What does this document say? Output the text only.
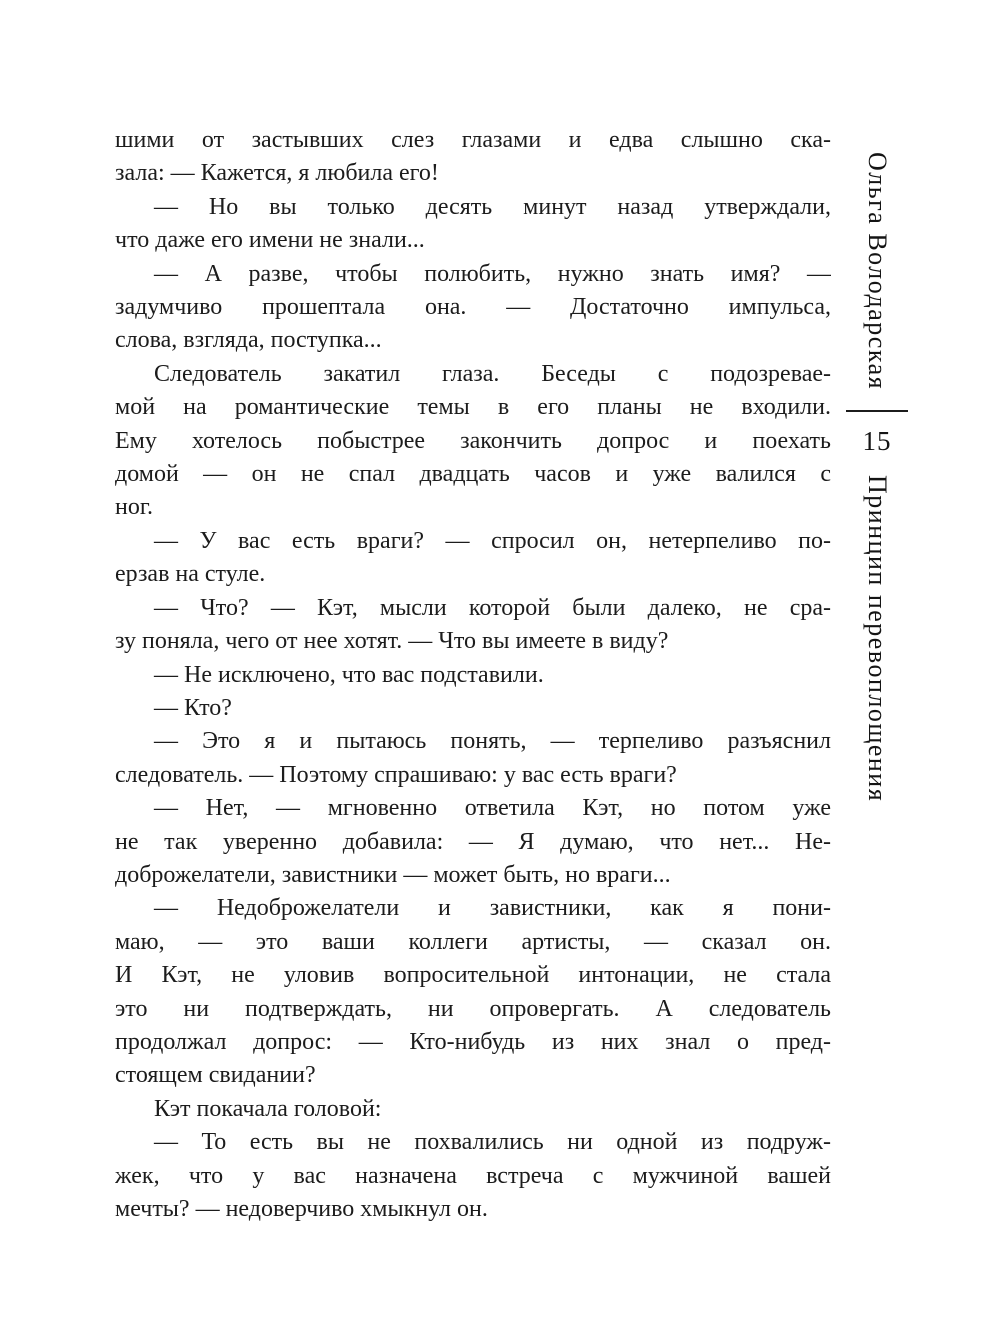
шими от застывших слез глазами и едва слышно ска-
зала: — Кажется, я любила его!
— Но вы только десять минут назад утверждали,
что даже его имени не знали...
— А разве, чтобы полюбить, нужно знать имя? —
задумчиво прошептала она. — Достаточно импульса,
слова, взгляда, поступка...
Следователь закатил глаза. Беседы с подозревае-
мой на романтические темы в его планы не входили.
Ему хотелось побыстрее закончить допрос и поехать
домой — он не спал двадцать часов и уже валился с
ног.
— У вас есть враги? — спросил он, нетерпеливо по-
ерзав на стуле.
— Что? — Кэт, мысли которой были далеко, не сра-
зу поняла, чего от нее хотят. — Что вы имеете в виду?
— Не исключено, что вас подставили.
— Кто?
— Это я и пытаюсь понять, — терпеливо разъяснил
следователь. — Поэтому спрашиваю: у вас есть враги?
— Нет, — мгновенно ответила Кэт, но потом уже
не так уверенно добавила: — Я думаю, что нет... Не-
доброжелатели, завистники — может быть, но враги...
— Недоброжелатели и завистники, как я пони-
маю, — это ваши коллеги артисты, — сказал он.
И Кэт, не уловив вопросительной интонации, не стала
это ни подтверждать, ни опровергать. А следователь
продолжал допрос: — Кто-нибудь из них знал о пред-
стоящем свидании?
Кэт покачала головой:
— То есть вы не похвалились ни одной из подруж-
жек, что у вас назначена встреча с мужчиной вашей
мечты? — недоверчиво хмыкнул он.
Ольга Володарская
15
Принцип перевоплощения
